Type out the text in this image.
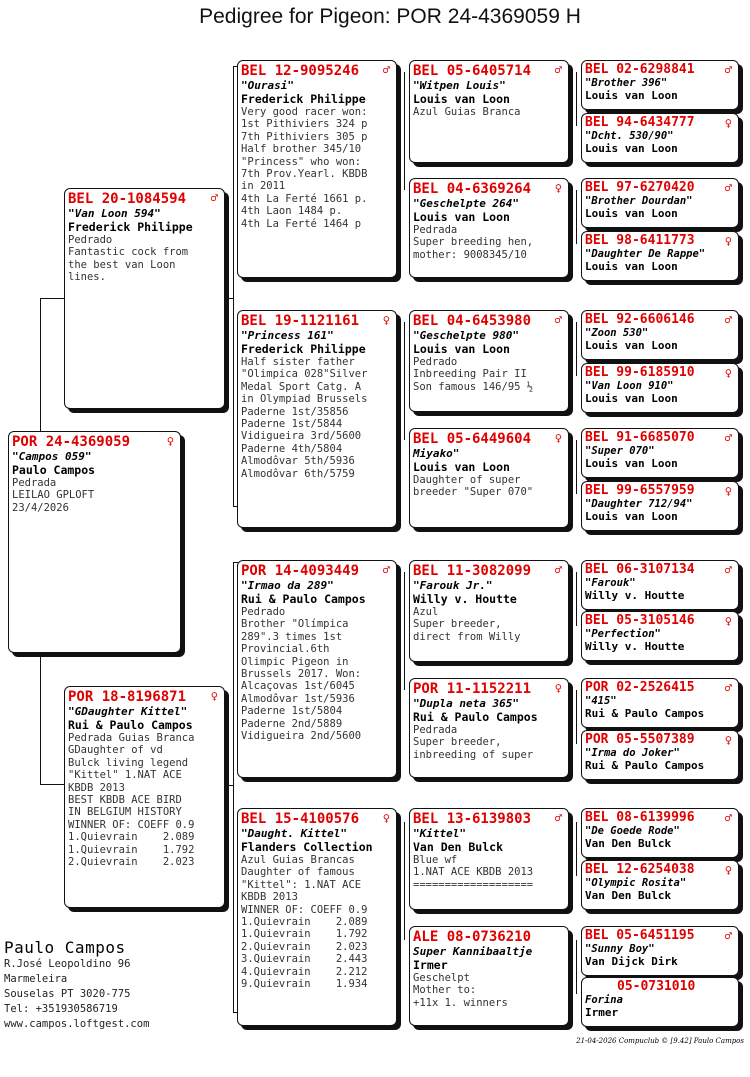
Pedigree for Pigeon: POR 24-4369059 H
♀
POR 24-4369059
"Campos 059"
Paulo Campos
Pedrada
LEILAO GPLOFT
23/4/2026
♂
BEL 20-1084594
"Van Loon 594"
Frederick Philippe
Pedrado
Fantastic cock from
the best van Loon
lines.
♀
POR 18-8196871
"GDaughter Kittel"
Rui & Paulo Campos
Pedrada Guias Branca
GDaughter of vd
Bulck living legend
"Kittel" 1.NAT ACE
KBDB 2013
BEST KBDB ACE BIRD
IN BELGIUM HISTORY
WINNER OF: COEFF 0.9
1.Quievrain    2.089
1.Quievrain    1.792
2.Quievrain    2.023
♂
BEL 12-9095246
"Ourasi"
Frederick Philippe
Very good racer won:
1st Pithiviers 324 p
7th Pithiviers 305 p
Half brother 345/10
"Princess" who won:
7th Prov.Yearl. KBDB
in 2011
4th La Ferté 1661 p.
4th Laon 1484 p.
4th La Ferté 1464 p
♀
BEL 19-1121161
"Princess 161"
Frederick Philippe
Half sister father
"Olimpica 028"Silver
Medal Sport Catg. A
in Olympiad Brussels
Paderne 1st/35856
Paderne 1st/5844
Vidigueira 3rd/5600
Paderne 4th/5804
Almodôvar 5th/5936
Almodôvar 6th/5759
♂
POR 14-4093449
"Irmao da 289"
Rui & Paulo Campos
Pedrado
Brother "Olímpica
289".3 times 1st
Provincial.6th
Olimpic Pigeon in
Brussels 2017. Won:
Alcaçovas 1st/6045
Almodôvar 1st/5936
Paderne 1st/5804
Paderne 2nd/5889
Vidigueira 2nd/5600
♀
BEL 15-4100576
"Daught. Kittel"
Flanders Collection
Azul Guias Brancas
Daughter of famous
"Kittel": 1.NAT ACE
KBDB 2013
WINNER OF: COEFF 0.9
1.Quievrain    2.089
1.Quievrain    1.792
2.Quievrain    2.023
3.Quievrain    2.443
4.Quievrain    2.212
9.Quievrain    1.934
♂
BEL 05-6405714
"Witpen Louis"
Louis van Loon
Azul Guias Branca
♀
BEL 04-6369264
"Geschelpte 264"
Louis van Loon
Pedrada
Super breeding hen,
mother: 9008345/10
♂
BEL 04-6453980
"Geschelpte 980"
Louis van Loon
Pedrado
Inbreeding Pair II
Son famous 146/95 ½
♀
BEL 05-6449604
Miyako"
Louis van Loon
Daughter of super
breeder "Super 070"
♂
BEL 11-3082099
"Farouk Jr."
Willy v. Houtte
Azul
Super breeder,
direct from Willy
♀
POR 11-1152211
"Dupla neta 365"
Rui & Paulo Campos
Pedrada
Super breeder,
inbreeding of super
♂
BEL 13-6139803
"Kittel"
Van Den Bulck
Blue wf
1.NAT ACE KBDB 2013
===================
ALE 08-0736210
Super Kannibaaltje
Irmer
Geschelpt
Mother to:
+11x 1. winners
♂
BEL 02-6298841
"Brother 396"
Louis van Loon
♀
BEL 94-6434777
"Dcht. 530/90"
Louis van Loon
♂
BEL 97-6270420
"Brother Dourdan"
Louis van Loon
♀
BEL 98-6411773
"Daughter De Rappe"
Louis van Loon
♂
BEL 92-6606146
"Zoon 530"
Louis van Loon
♀
BEL 99-6185910
"Van Loon 910"
Louis van Loon
♂
BEL 91-6685070
"Super 070"
Louis van Loon
♀
BEL 99-6557959
"Daughter 712/94"
Louis van Loon
♂
BEL 06-3107134
"Farouk"
Willy v. Houtte
♀
BEL 05-3105146
"Perfection"
Willy v. Houtte
♂
POR 02-2526415
"415"
Rui & Paulo Campos
♀
POR 05-5507389
"Irma do Joker"
Rui & Paulo Campos
♂
BEL 08-6139996
"De Goede Rode"
Van Den Bulck
♀
BEL 12-6254038
"Olympic Rosita"
Van Den Bulck
♂
BEL 05-6451195
"Sunny Boy"
Van Dijck Dirk
05-0731010
Forina
Irmer
Paulo Campos
R.José Leopoldino 96
Marmeleira
Souselas PT 3020-775
Tel: +351930586719
www.campos.loftgest.com
21-04-2026 Compuclub © [9.42] Paulo Campos
